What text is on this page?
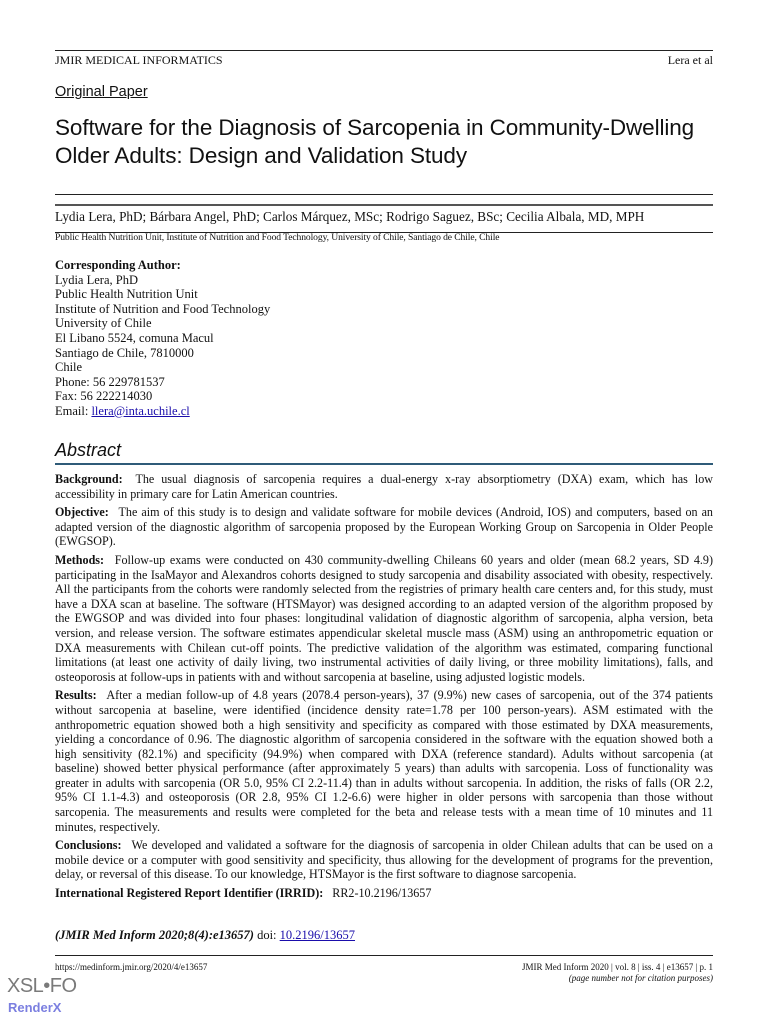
JMIR MEDICAL INFORMATICS	Lera et al
Original Paper
Software for the Diagnosis of Sarcopenia in Community-Dwelling Older Adults: Design and Validation Study
Lydia Lera, PhD; Bárbara Angel, PhD; Carlos Márquez, MSc; Rodrigo Saguez, BSc; Cecilia Albala, MD, MPH
Public Health Nutrition Unit, Institute of Nutrition and Food Technology, University of Chile, Santiago de Chile, Chile
Corresponding Author:
Lydia Lera, PhD
Public Health Nutrition Unit
Institute of Nutrition and Food Technology
University of Chile
El Libano 5524, comuna Macul
Santiago de Chile, 7810000
Chile
Phone: 56 229781537
Fax: 56 222214030
Email: llera@inta.uchile.cl
Abstract

Background: The usual diagnosis of sarcopenia requires a dual-energy x-ray absorptiometry (DXA) exam, which has low accessibility in primary care for Latin American countries.

Objective: The aim of this study is to design and validate software for mobile devices (Android, IOS) and computers, based on an adapted version of the diagnostic algorithm of sarcopenia proposed by the European Working Group on Sarcopenia in Older People (EWGSOP).

Methods: Follow-up exams were conducted on 430 community-dwelling Chileans 60 years and older (mean 68.2 years, SD 4.9) participating in the IsaMayor and Alexandros cohorts designed to study sarcopenia and disability associated with obesity, respectively. All the participants from the cohorts were randomly selected from the registries of primary health care centers and, for this study, must have a DXA scan at baseline. The software (HTSMayor) was designed according to an adapted version of the algorithm proposed by the EWGSOP and was divided into four phases: longitudinal validation of diagnostic algorithm of sarcopenia, alpha version, beta version, and release version. The software estimates appendicular skeletal muscle mass (ASM) using an anthropometric equation or DXA measurements with Chilean cut-off points. The predictive validation of the algorithm was estimated, comparing functional limitations (at least one activity of daily living, two instrumental activities of daily living, or three mobility limitations), falls, and osteoporosis at follow-ups in patients with and without sarcopenia at baseline, using adjusted logistic models.

Results: After a median follow-up of 4.8 years (2078.4 person-years), 37 (9.9%) new cases of sarcopenia, out of the 374 patients without sarcopenia at baseline, were identified (incidence density rate=1.78 per 100 person-years). ASM estimated with the anthropometric equation showed both a high sensitivity and specificity as compared with those estimated by DXA measurements, yielding a concordance of 0.96. The diagnostic algorithm of sarcopenia considered in the software with the equation showed both a high sensitivity (82.1%) and specificity (94.9%) when compared with DXA (reference standard). Adults without sarcopenia (at baseline) showed better physical performance (after approximately 5 years) than adults with sarcopenia. Loss of functionality was greater in adults with sarcopenia (OR 5.0, 95% CI 2.2-11.4) than in adults without sarcopenia. In addition, the risks of falls (OR 2.2, 95% CI 1.1-4.3) and osteoporosis (OR 2.8, 95% CI 1.2-6.6) were higher in older persons with sarcopenia than those without sarcopenia. The measurements and results were completed for the beta and release tests with a mean time of 10 minutes and 11 minutes, respectively.

Conclusions: We developed and validated a software for the diagnosis of sarcopenia in older Chilean adults that can be used on a mobile device or a computer with good sensitivity and specificity, thus allowing for the development of programs for the prevention, delay, or reversal of this disease. To our knowledge, HTSMayor is the first software to diagnose sarcopenia.

International Registered Report Identifier (IRRID): RR2-10.2196/13657

(JMIR Med Inform 2020;8(4):e13657) doi: 10.2196/13657
https://medinform.jmir.org/2020/4/e13657	JMIR Med Inform 2020 | vol. 8 | iss. 4 | e13657 | p. 1
(page number not for citation purposes)
XSL•FO
RenderX
